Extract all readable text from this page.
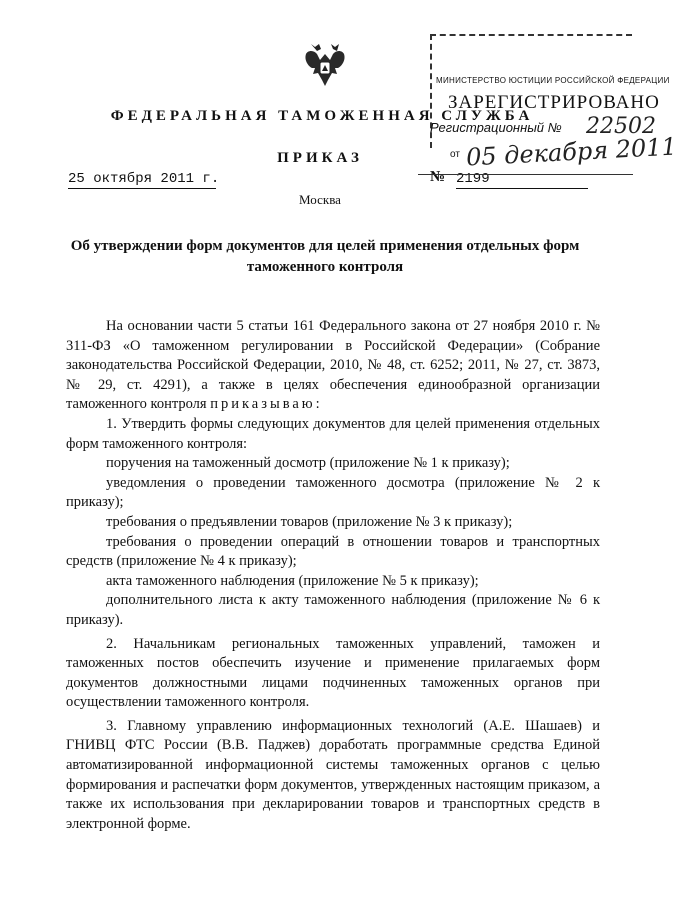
ФЕДЕРАЛЬНАЯ ТАМОЖЕННАЯ СЛУЖБА
ПРИКАЗ
25 октября 2011 г.	№ 2199
Москва
МИНИСТЕРСТВО ЮСТИЦИИ РОССИЙСКОЙ ФЕДЕРАЦИИ
ЗАРЕГИСТРИРОВАНО
Регистрационный № 22502
от 05 декабря 2011
Об утверждении форм документов для целей применения отдельных форм таможенного контроля

На основании части 5 статьи 161 Федерального закона от 27 ноября 2010 г. № 311-ФЗ «О таможенном регулировании в Российской Федерации» (Собрание законодательства Российской Федерации, 2010, № 48, ст. 6252; 2011, № 27, ст. 3873, № 29, ст. 4291), а также в целях обеспечения единообразной организации таможенного контроля приказываю:

1. Утвердить формы следующих документов для целей применения отдельных форм таможенного контроля:

поручения на таможенный досмотр (приложение № 1 к приказу);

уведомления о проведении таможенного досмотра (приложение № 2 к приказу);

требования о предъявлении товаров (приложение № 3 к приказу);

требования о проведении операций в отношении товаров и транспортных средств (приложение № 4 к приказу);

акта таможенного наблюдения (приложение № 5 к приказу);

дополнительного листа к акту таможенного наблюдения (приложение № 6 к приказу).

2. Начальникам региональных таможенных управлений, таможен и таможенных постов обеспечить изучение и применение прилагаемых форм документов должностными лицами подчиненных таможенных органов при осуществлении таможенного контроля.

3. Главному управлению информационных технологий (А.Е. Шашаев) и ГНИВЦ ФТС России (В.В. Паджев) доработать программные средства Единой автоматизированной информационной системы таможенных органов с целью формирования и распечатки форм документов, утвержденных настоящим приказом, а также их использования при декларировании товаров и транспортных средств в электронной форме.
